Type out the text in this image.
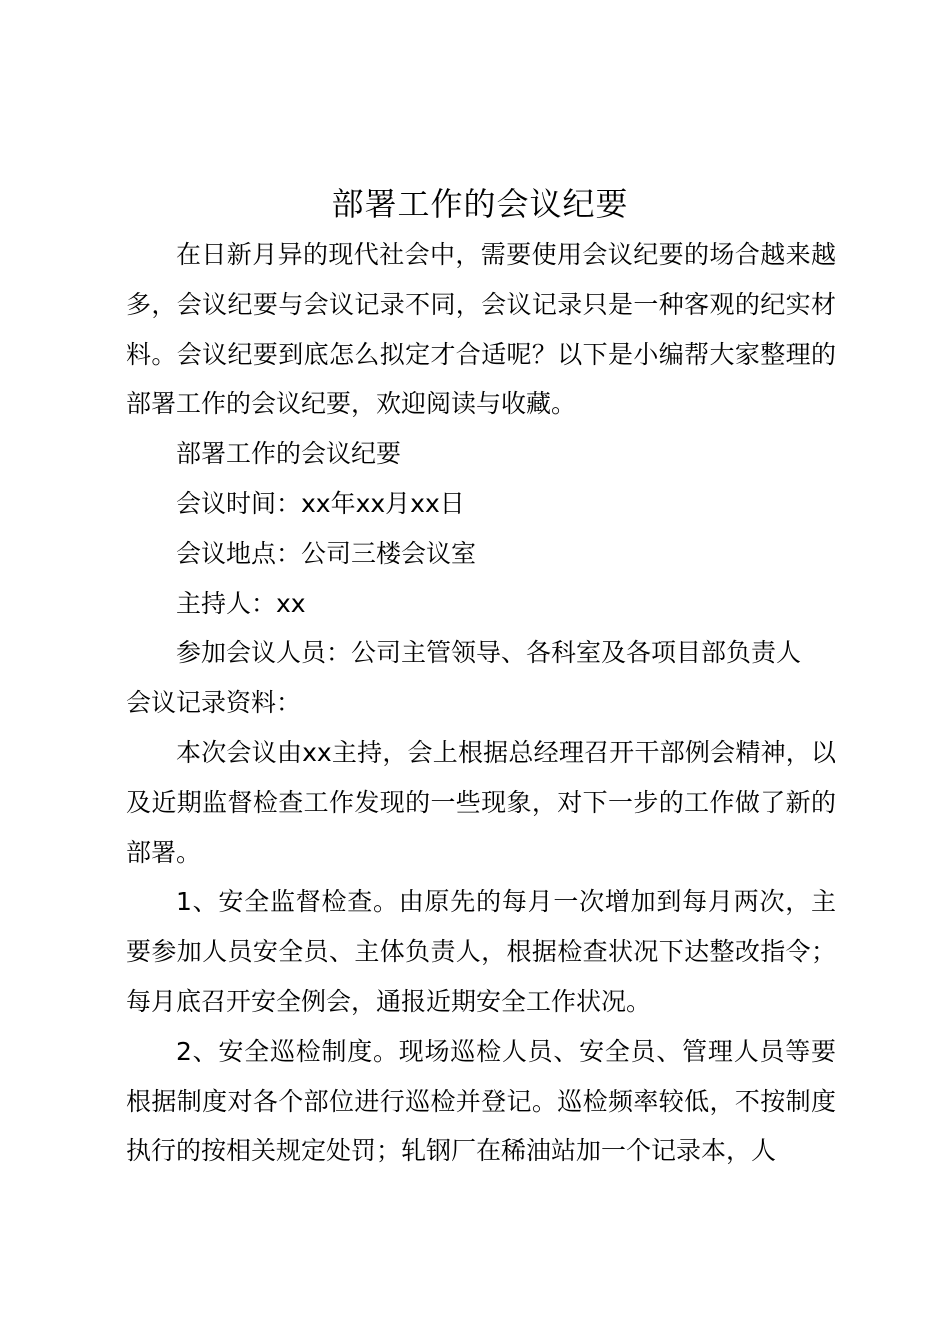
部署工作的会议纪要

在日新月异的现代社会中，需要使用会议纪要的场合越来越多，会议纪要与会议记录不同，会议记录只是一种客观的纪实材料。会议纪要到底怎么拟定才合适呢？以下是小编帮大家整理的部署工作的会议纪要，欢迎阅读与收藏。

部署工作的会议纪要

会议时间：xx年xx月xx日

会议地点：公司三楼会议室

主持人：xx

参加会议人员：公司主管领导、各科室及各项目部负责人

会议记录资料：

本次会议由xx主持，会上根据总经理召开干部例会精神，以及近期监督检查工作发现的一些现象，对下一步的工作做了新的部署。

1、安全监督检查。由原先的每月一次增加到每月两次，主要参加人员安全员、主体负责人，根据检查状况下达整改指令；每月底召开安全例会，通报近期安全工作状况。

2、安全巡检制度。现场巡检人员、安全员、管理人员等要根据制度对各个部位进行巡检并登记。巡检频率较低，不按制度执行的按相关规定处罚；轧钢厂在稀油站加一个记录本，人
